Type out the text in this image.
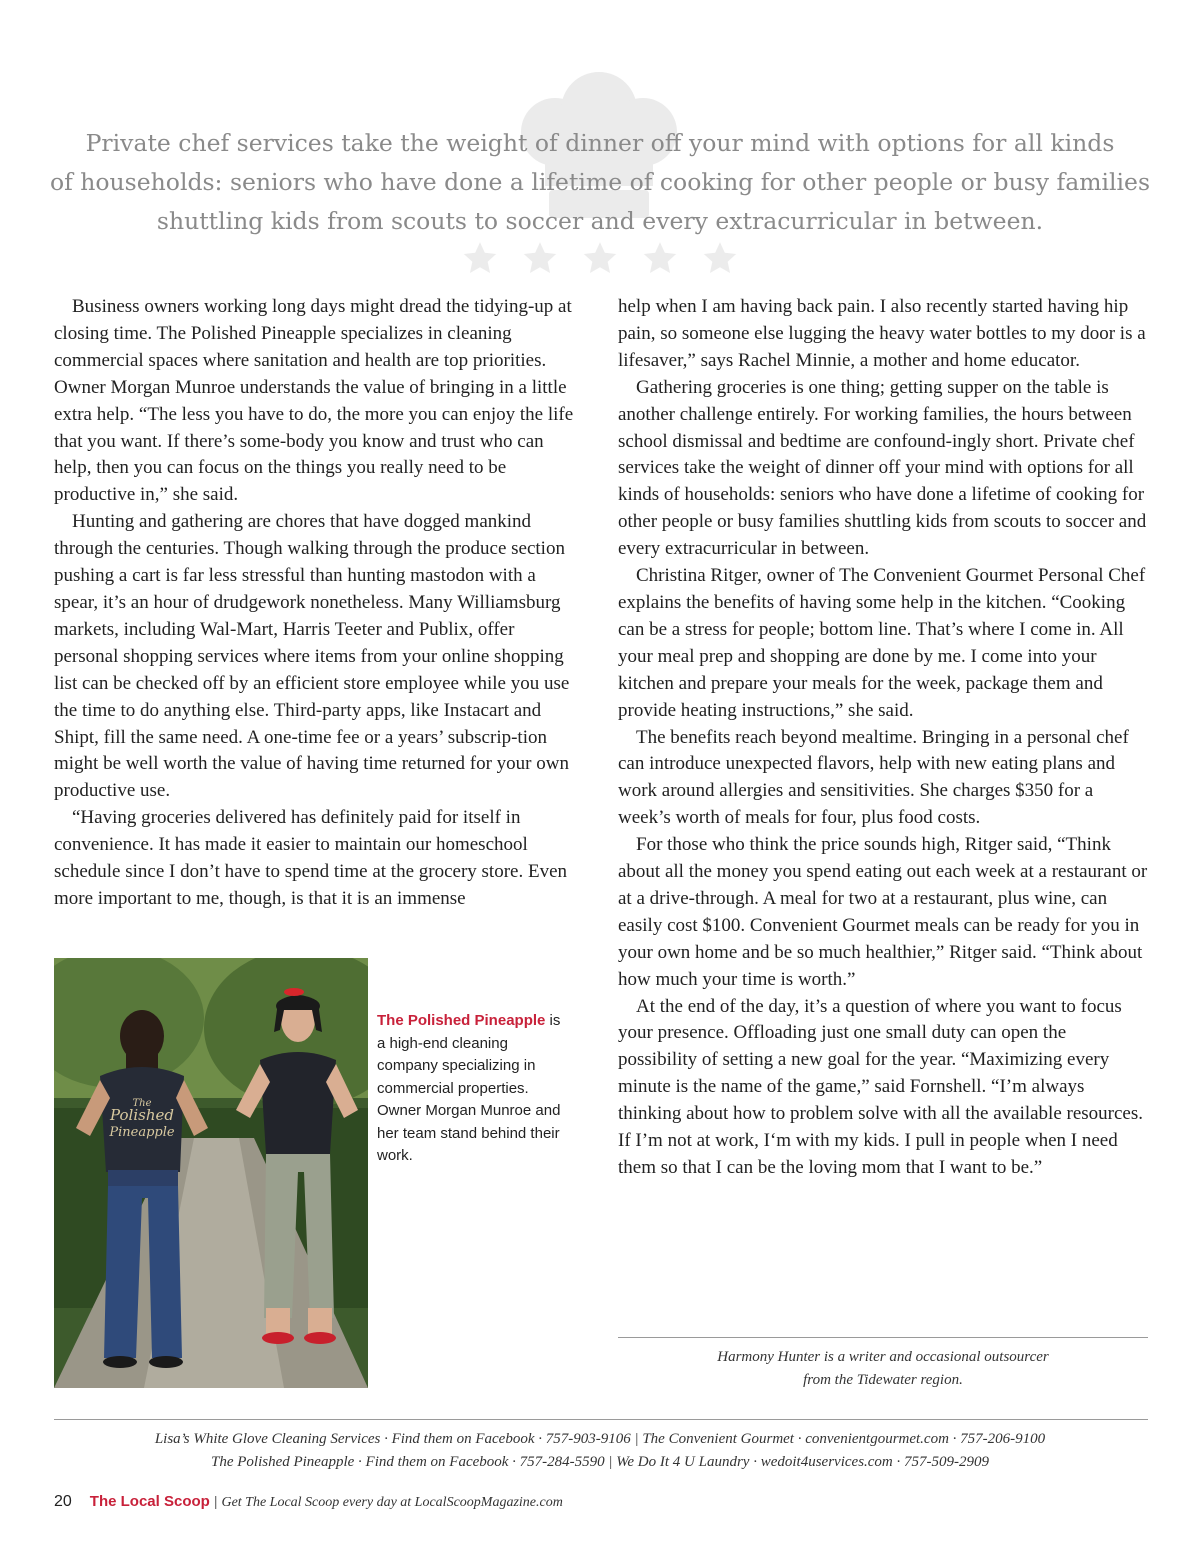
Private chef services take the weight of dinner off your mind with options for all kinds
of households: seniors who have done a lifetime of cooking for other people or busy families
shuttling kids from scouts to soccer and every extracurricular in between.

Business owners working long days might dread the tidying-up at closing time. The Polished Pineapple specializes in cleaning commercial spaces where sanitation and health are top priorities. Owner Morgan Munroe understands the value of bringing in a little extra help. “The less you have to do, the more you can enjoy the life that you want. If there’s some-body you know and trust who can help, then you can focus on the things you really need to be productive in,” she said.

Hunting and gathering are chores that have dogged mankind through the centuries. Though walking through the produce section pushing a cart is far less stressful than hunting mastodon with a spear, it’s an hour of drudgework nonetheless. Many Williamsburg markets, including Wal-Mart, Harris Teeter and Publix, offer personal shopping services where items from your online shopping list can be checked off by an efficient store employee while you use the time to do anything else. Third-party apps, like Instacart and Shipt, fill the same need. A one-time fee or a years’ subscrip-tion might be well worth the value of having time returned for your own productive use.

“Having groceries delivered has definitely paid for itself in convenience. It has made it easier to maintain our homeschool schedule since I don’t have to spend time at the grocery store. Even more important to me, though, is that it is an immense

help when I am having back pain. I also recently started having hip pain, so someone else lugging the heavy water bottles to my door is a lifesaver,” says Rachel Minnie, a mother and home educator.

Gathering groceries is one thing; getting supper on the table is another challenge entirely. For working families, the hours between school dismissal and bedtime are confound-ingly short. Private chef services take the weight of dinner off your mind with options for all kinds of households: seniors who have done a lifetime of cooking for other people or busy families shuttling kids from scouts to soccer and every extracurricular in between.

Christina Ritger, owner of The Convenient Gourmet Personal Chef explains the benefits of having some help in the kitchen. “Cooking can be a stress for people; bottom line. That’s where I come in. All your meal prep and shopping are done by me. I come into your kitchen and prepare your meals for the week, package them and provide heating instructions,” she said.

The benefits reach beyond mealtime. Bringing in a personal chef can introduce unexpected flavors, help with new eating plans and work around allergies and sensitivities. She charges $350 for a week’s worth of meals for four, plus food costs.

For those who think the price sounds high, Ritger said, “Think about all the money you spend eating out each week at a restaurant or at a drive-through. A meal for two at a restaurant, plus wine, can easily cost $100. Convenient Gourmet meals can be ready for you in your own home and be so much healthier,” Ritger said. “Think about how much your time is worth.”

At the end of the day, it’s a question of where you want to focus your presence. Offloading just one small duty can open the possibility of setting a new goal for the year. “Maximizing every minute is the name of the game,” said Fornshell. “I’m always thinking about how to problem solve with all the available resources. If I’m not at work, I‘m with my kids. I pull in people when I need them so that I can be the loving mom that I want to be.”

The
Polished
Pineapple

The Polished Pineapple is a high-end cleaning company specializing in commercial properties. Owner Morgan Munroe and her team stand behind their work.

Harmony Hunter is a writer and occasional outsourcer
from the Tidewater region.
Lisa’s White Glove Cleaning Services · Find them on Facebook · 757-903-9106 | The Convenient Gourmet · convenientgourmet.com · 757-206-9100
The Polished Pineapple · Find them on Facebook · 757-284-5590 | We Do It 4 U Laundry · wedoit4uservices.com · 757-509-2909
20 The Local Scoop | Get The Local Scoop every day at LocalScoopMagazine.com
